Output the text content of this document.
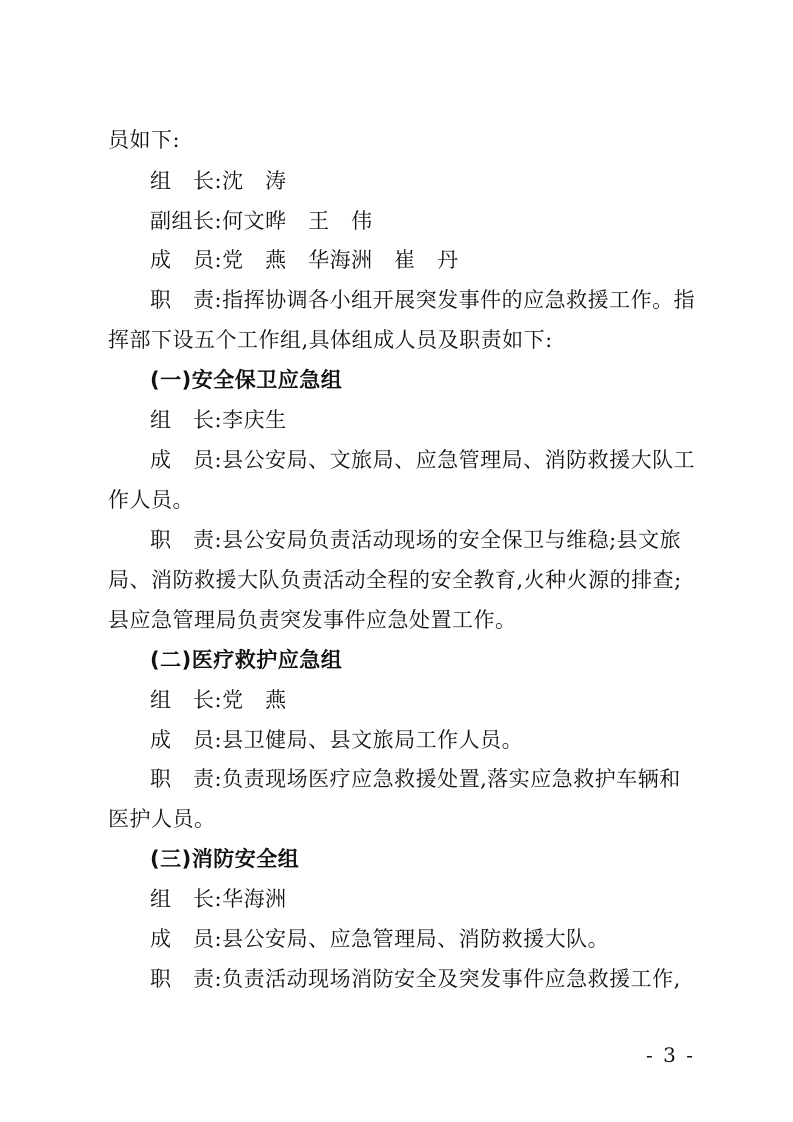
员如下:
组　长:沈　涛
副组长:何文晔　王　伟
成　员:党　燕　华海洲　崔　丹
职　责:指挥协调各小组开展突发事件的应急救援工作。指
挥部下设五个工作组,具体组成人员及职责如下:
(一)安全保卫应急组
组　长:李庆生
成　员:县公安局、文旅局、应急管理局、消防救援大队工
作人员。
职　责:县公安局负责活动现场的安全保卫与维稳;县文旅
局、消防救援大队负责活动全程的安全教育,火种火源的排查;
县应急管理局负责突发事件应急处置工作。
(二)医疗救护应急组
组　长:党　燕
成　员:县卫健局、县文旅局工作人员。
职　责:负责现场医疗应急救援处置,落实应急救护车辆和
医护人员。
(三)消防安全组
组　长:华海洲
成　员:县公安局、应急管理局、消防救援大队。
职　责:负责活动现场消防安全及突发事件应急救援工作,
- 3 -
